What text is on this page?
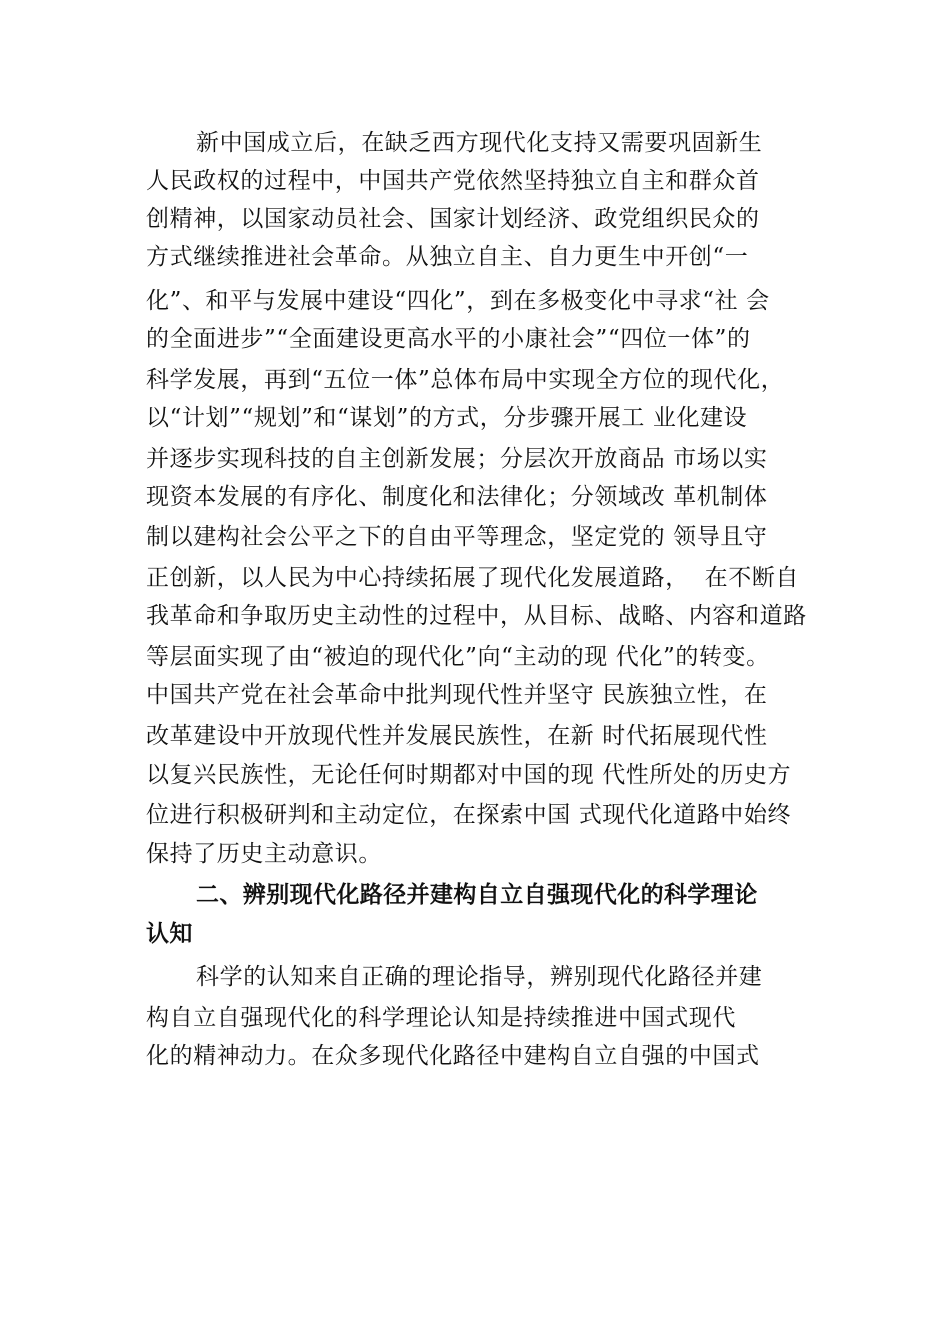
新中国成立后，在缺乏西方现代化支持又需要巩固新生
人民政权的过程中，中国共产党依然坚持独立自主和群众首
创精神，以国家动员社会、国家计划经济、政党组织民众的
方式继续推进社会革命。从独立自主、自力更生中开创“一
化”、和平与发展中建设“四化”，到在多极变化中寻求“社 会
的全面进步”“全面建设更高水平的小康社会”“四位一体”的
科学发展，再到“五位一体”总体布局中实现全方位的现代化，
以“计划”“规划”和“谋划”的方式，分步骤开展工 业化建设
并逐步实现科技的自主创新发展；分层次开放商品 市场以实
现资本发展的有序化、制度化和法律化；分领域改 革机制体
制以建构社会公平之下的自由平等理念，坚定党的 领导且守
正创新，以人民为中心持续拓展了现代化发展道路，  在不断自
我革命和争取历史主动性的过程中，从目标、战略、内容和道路
等层面实现了由“被迫的现代化”向“主动的现 代化”的转变。
中国共产党在社会革命中批判现代性并坚守 民族独立性，在
改革建设中开放现代性并发展民族性，在新 时代拓展现代性
以复兴民族性，无论任何时期都对中国的现 代性所处的历史方
位进行积极研判和主动定位，在探索中国 式现代化道路中始终
保持了历史主动意识。
二、辨别现代化路径并建构自立自强现代化的科学理论
认知
科学的认知来自正确的理论指导，辨别现代化路径并建
构自立自强现代化的科学理论认知是持续推进中国式现代
化的精神动力。在众多现代化路径中建构自立自强的中国式
